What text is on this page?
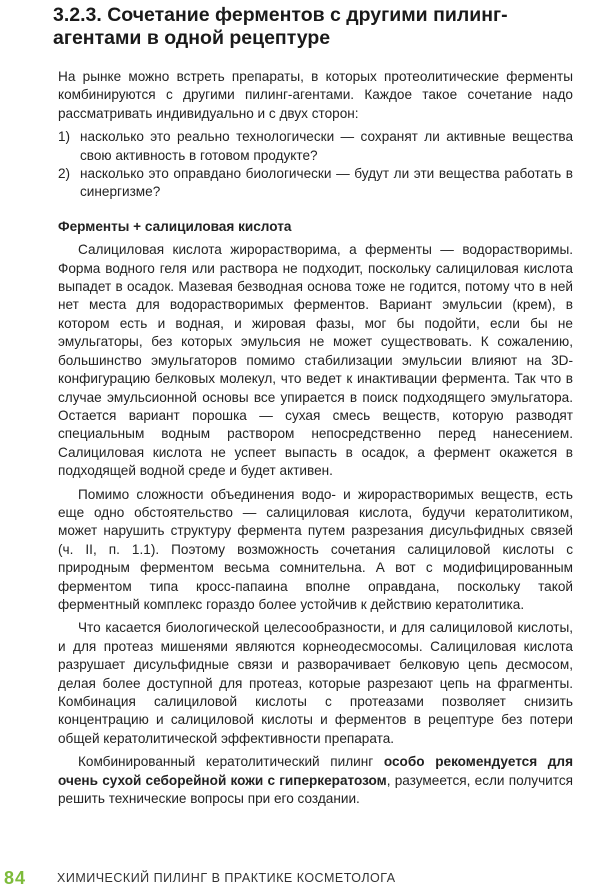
3.2.3. Сочетание ферментов с другими пилинг-
агентами в одной рецептуре

На рынке можно встреть препараты, в которых протеолитические ферменты комбинируются с другими пилинг-агентами. Каждое такое сочетание надо рассматривать индивидуально и с двух сторон:

1) насколько это реально технологически — сохранят ли активные вещества свою активность в готовом продукте?
2) насколько это оправдано биологически — будут ли эти вещества работать в синергизме?

Ферменты + салициловая кислота

Салициловая кислота жирорастворима, а ферменты — водорастворимы. Форма водного геля или раствора не подходит, поскольку салициловая кислота выпадет в осадок. Мазевая безводная основа тоже не годится, потому что в ней нет места для водорастворимых ферментов. Вариант эмульсии (крем), в котором есть и водная, и жировая фазы, мог бы подойти, если бы не эмульгаторы, без которых эмульсия не может существовать. К сожалению, большинство эмульгаторов помимо стабилизации эмульсии влияют на 3D-конфигурацию белковых молекул, что ведет к инактивации фермента. Так что в случае эмульсионной основы все упирается в поиск подходящего эмульгатора. Остается вариант порошка — сухая смесь веществ, которую разводят специальным водным раствором непосредственно перед нанесением. Салициловая кислота не успеет выпасть в осадок, а фермент окажется в подходящей водной среде и будет активен.

Помимо сложности объединения водо- и жирорастворимых веществ, есть еще одно обстоятельство — салициловая кислота, будучи кератолитиком, может нарушить структуру фермента путем разрезания дисульфидных связей (ч. II, п. 1.1). Поэтому возможность сочетания салициловой кислоты с природным ферментом весьма сомнительна. А вот с модифицированным ферментом типа кросс-папаина вполне оправдана, поскольку такой ферментный комплекс гораздо более устойчив к действию кератолитика.

Что касается биологической целесообразности, и для салициловой кислоты, и для протеаз мишенями являются корнеодесмосомы. Салициловая кислота разрушает дисульфидные связи и разворачивает белковую цепь десмосом, делая более доступной для протеаз, которые разрезают цепь на фрагменты. Комбинация салициловой кислоты с протеазами позволяет снизить концентрацию и салициловой кислоты и ферментов в рецептуре без потери общей кератолитической эффективности препарата.

Комбинированный кератолитический пилинг особо рекомендуется для очень сухой себорейной кожи с гиперкератозом, разумеется, если получится решить технические вопросы при его создании.

84 ХИМИЧЕСКИЙ ПИЛИНГ В ПРАКТИКЕ КОСМЕТОЛОГА
